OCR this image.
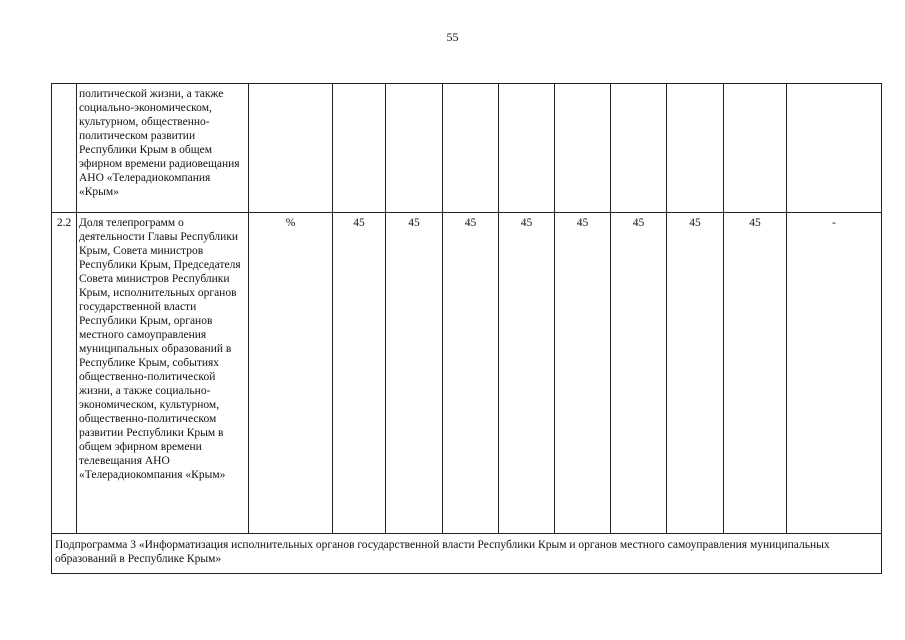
55
	политической жизни, а также социально-экономическом, культурном, общественно-политическом развитии Республики Крым в общем эфирном времени радиовещания АНО «Телерадиокомпания «Крым»										
2.2	Доля телепрограмм о деятельности Главы Республики Крым, Совета министров Республики Крым, Председателя Совета министров Республики Крым, исполнительных органов государственной власти Республики Крым, органов местного самоуправления муниципальных образований в Республике Крым, событиях общественно-политической жизни, а также социально-экономическом, культурном, общественно-политическом развитии Республики Крым в общем эфирном времени телевещания АНО «Телерадиокомпания «Крым»	%	45	45	45	45	45	45	45	45	-
Подпрограмма 3 «Информатизация исполнительных органов государственной власти Республики Крым и органов местного самоуправления муниципальных образований в Республике Крым»											
